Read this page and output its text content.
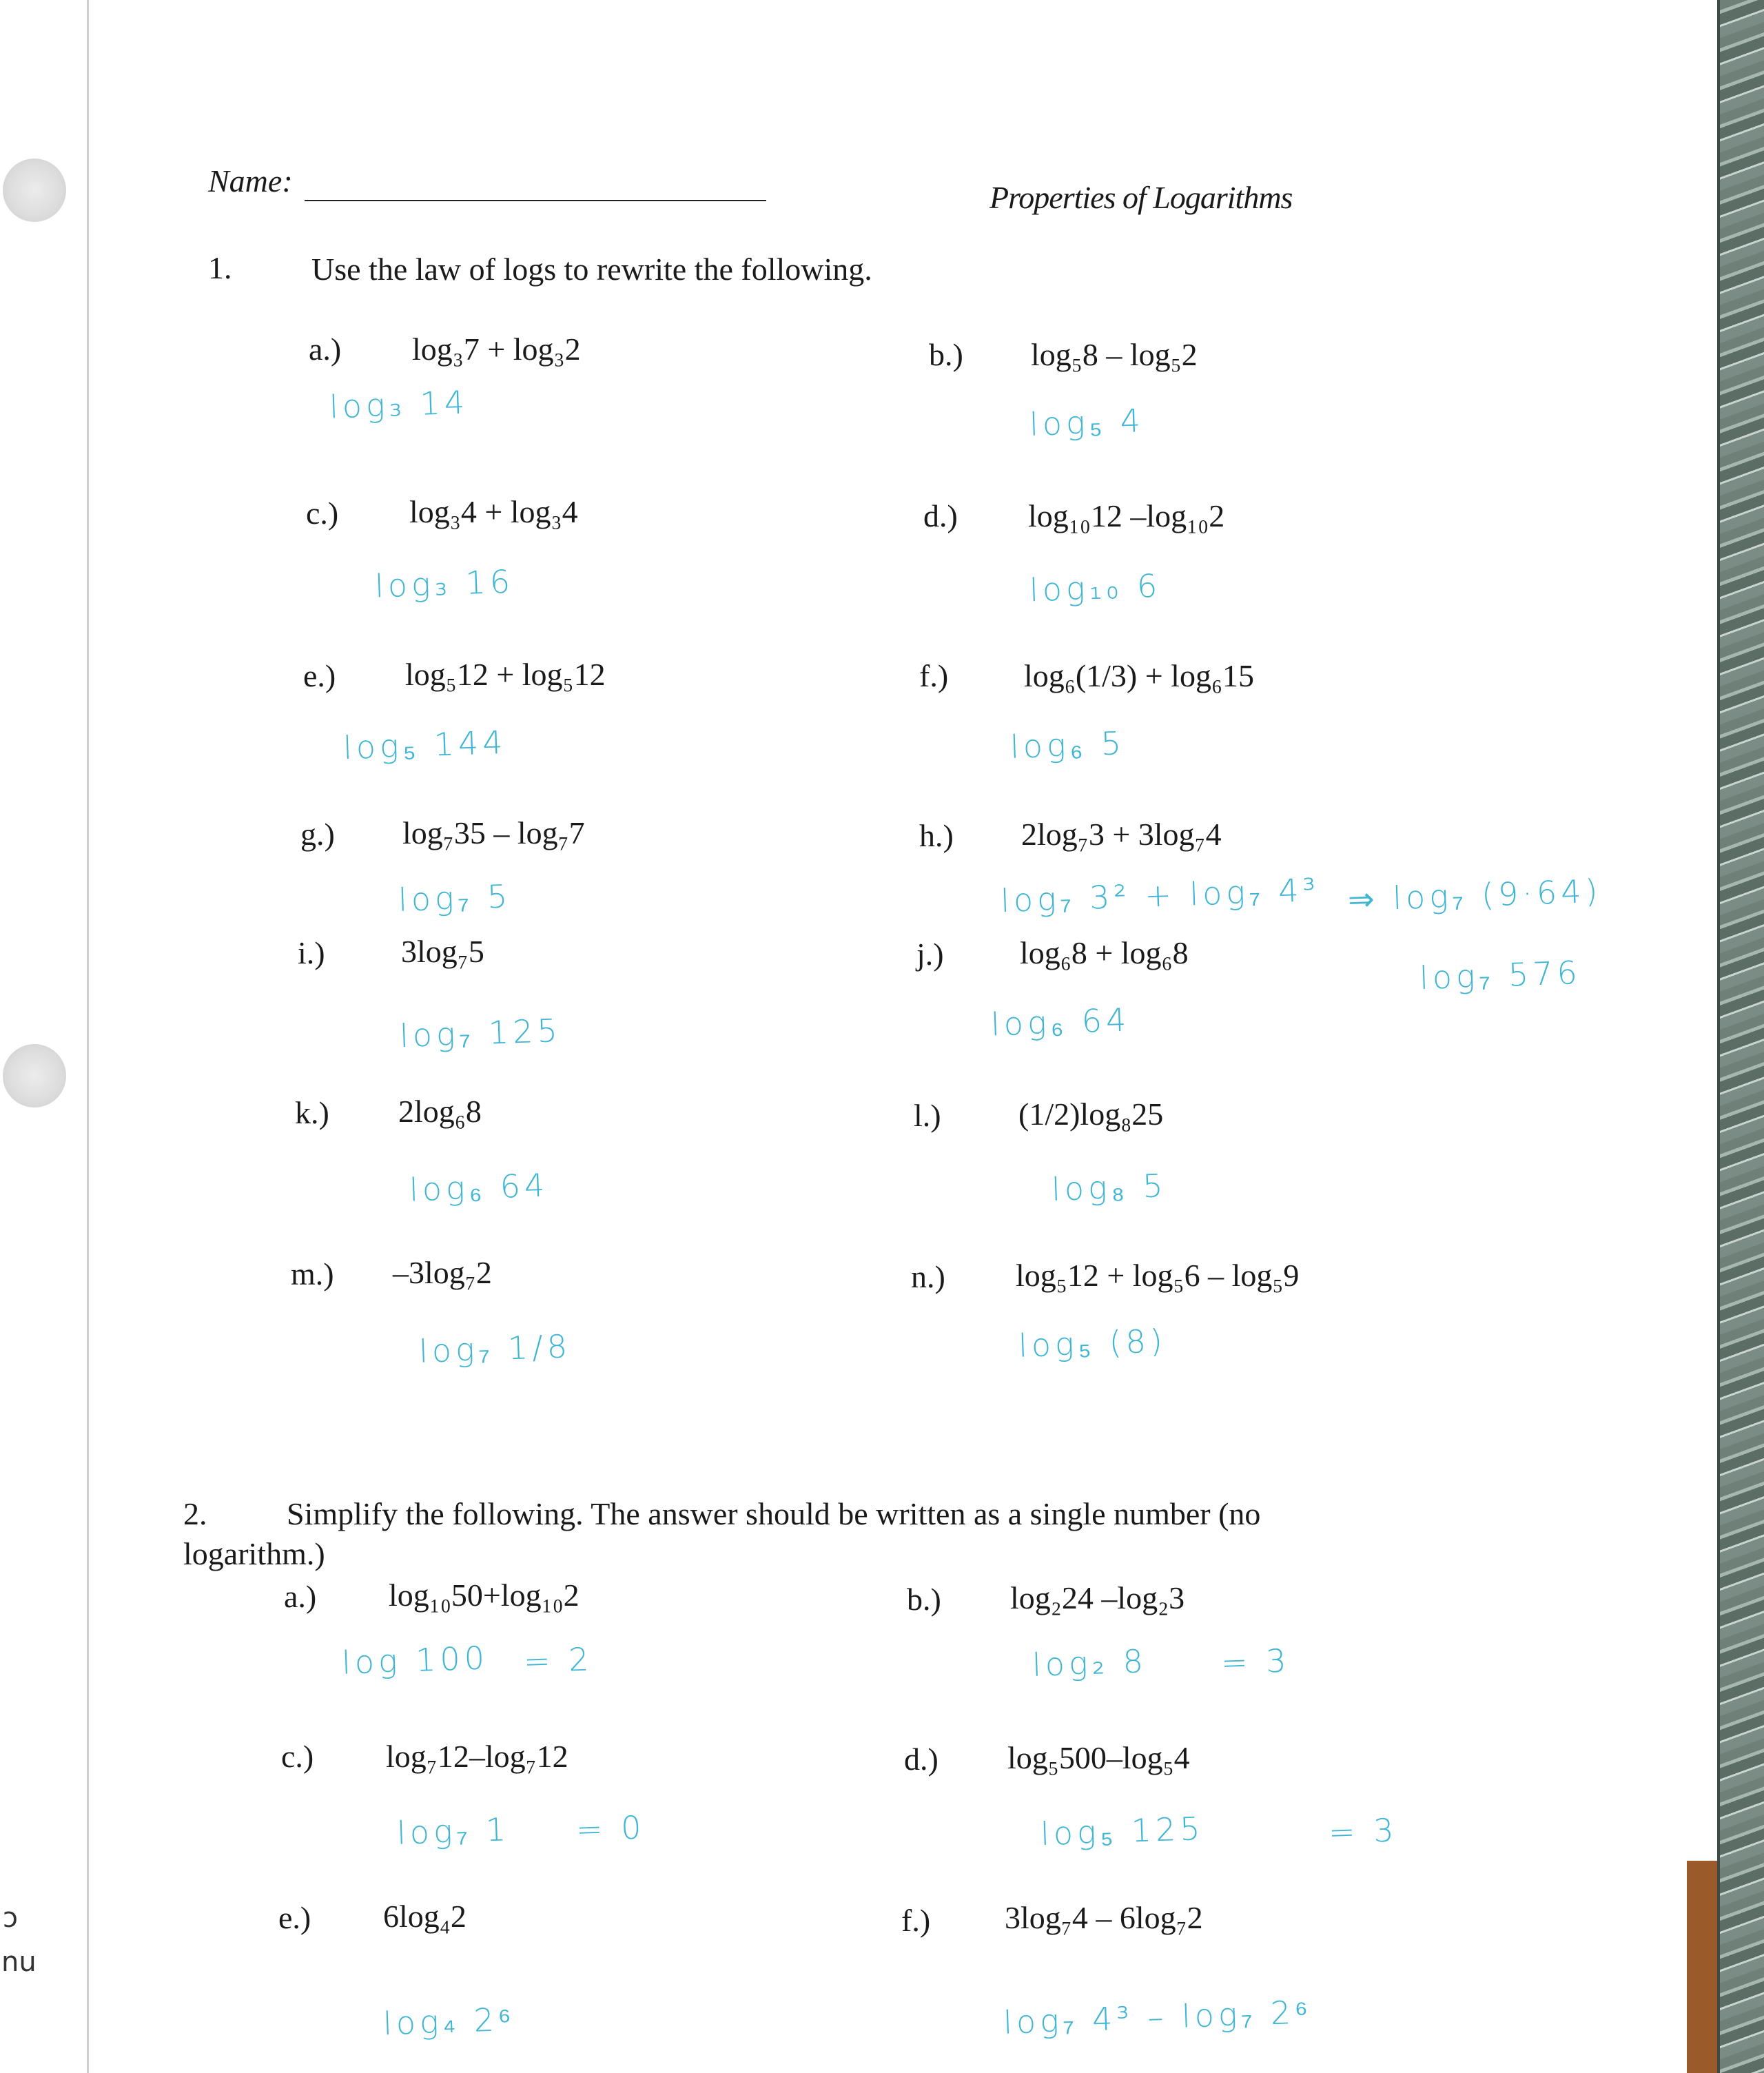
ɔ
nu
Name:	Properties of Logarithms
1.	Use the law of logs to rewrite the following.
a.) log₃7 + log₃2
log₃ 14
b.) log₅8 – log₅2
log₅ 4
c.) log₃4 + log₃4
log₃ 16
d.) log₁₀12 –log₁₀2
log₁₀ 6
e.) log₅12 + log₅12
log₅ 144
f.) log₆(1/3) + log₆15
log₆ 5
g.) log₇35 – log₇7
log₇ 5
h.) 2log₇3 + 3log₇4
log₇ 3² + log₇ 4³ ⇒ log₇ (9·64)
log₇ 576
i.) 3log₇5
log₇ 125
j.) log₆8 + log₆8
log₆ 64
k.) 2log₆8
log₆ 64
l.) (1/2)log₈25
log₈ 5
m.) –3log₇2
log₇ 1/8
n.) log₅12 + log₅6 – log₅9
log₅ (8)
2.	Simplify the following. The answer should be written as a single number (no
logarithm.)
a.) log₁₀50+log₁₀2
log 100 = 2
b.) log₂24 –log₂3
log₂ 8 = 3
c.) log₇12–log₇12
log₇ 1 = 0
d.) log₅500–log₅4
log₅ 125	= 3
e.) 6log₄2
log₄ 2⁶
f.) 3log₇4 – 6log₇2
log₇ 4³ – log₇ 2⁶
